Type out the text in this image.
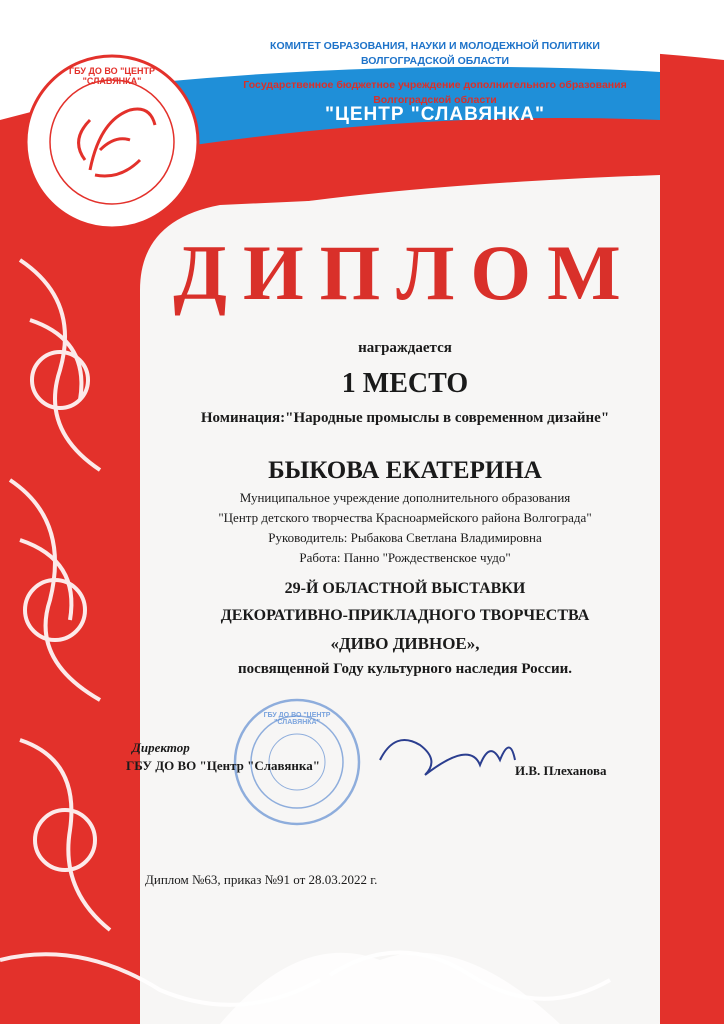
КОМИТЕТ ОБРАЗОВАНИЯ, НАУКИ И МОЛОДЕЖНОЙ ПОЛИТИКИ
ВОЛГОГРАДСКОЙ ОБЛАСТИ
Государственное бюджетное учреждение дополнительного образования
Волгоградской области
"ЦЕНТР "СЛАВЯНКА"
ГБУ ДО ВО "ЦЕНТР "СЛАВЯНКА"
ДИПЛОМ
награждается
1 МЕСТО
Номинация:"Народные промыслы в современном дизайне"
БЫКОВА ЕКАТЕРИНА
Муниципальное учреждение дополнительного образования
"Центр детского творчества Красноармейского района Волгограда"
Руководитель: Рыбакова Светлана Владимировна
Работа: Панно "Рождественское чудо"
29-Й ОБЛАСТНОЙ ВЫСТАВКИ
ДЕКОРАТИВНО-ПРИКЛАДНОГО ТВОРЧЕСТВА
«ДИВО ДИВНОЕ»,
посвященной Году культурного наследия России.
Директор
ГБУ ДО ВО "Центр "Славянка"
ГБУ ДО ВО "ЦЕНТР "СЛАВЯНКА"
И.В. Плеханова
Диплом №63, приказ №91 от 28.03.2022 г.
